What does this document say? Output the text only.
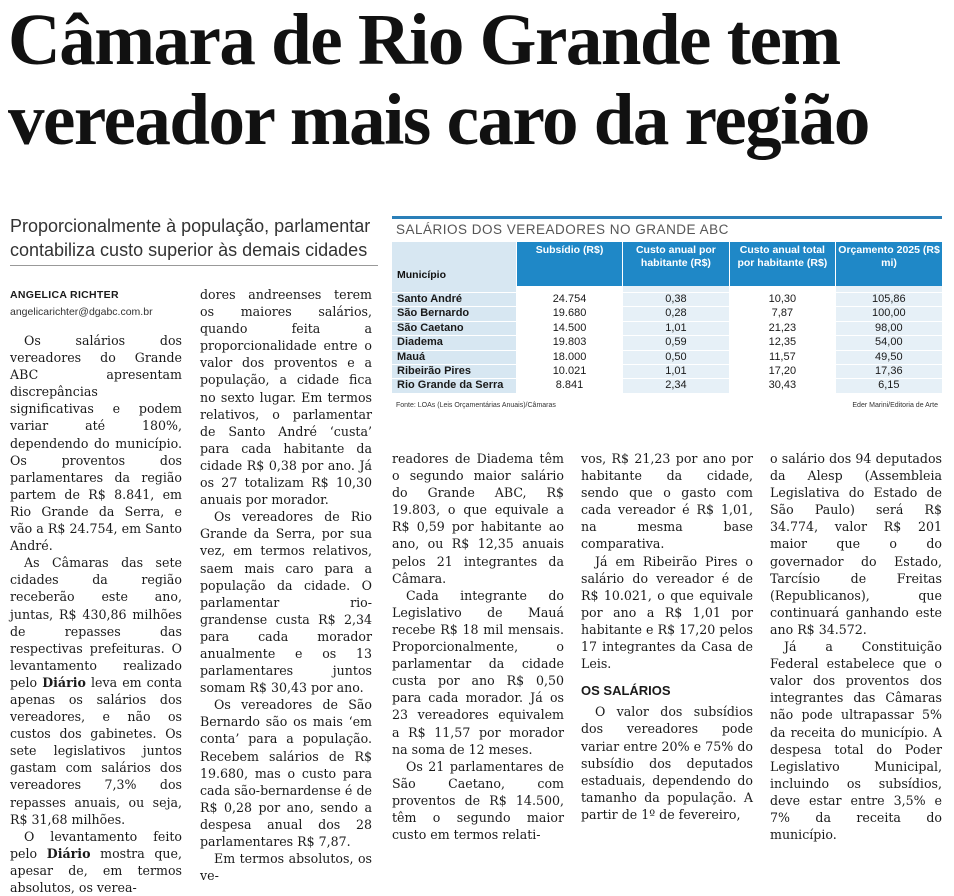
Câmara de Rio Grande tem
vereador mais caro da região

Proporcionalmente à população, parlamentar contabiliza custo superior às demais cidades

ANGELICA RICHTER
angelicarichter@dgabc.com.br

Os salários dos vereadores do Grande ABC apresentam discrepâncias significativas e podem variar até 180%, dependendo do município. Os proventos dos parlamentares da região partem de R$ 8.841, em Rio Grande da Serra, e vão a R$ 24.754, em Santo André.

As Câmaras das sete cidades da região receberão este ano, juntas, R$ 430,86 milhões de repasses das respectivas prefeituras. O levantamento realizado pelo Diário leva em conta apenas os salários dos vereadores, e não os custos dos gabinetes. Os sete legislativos juntos gastam com salários dos vereadores 7,3% dos repasses anuais, ou seja, R$ 31,68 milhões.

O levantamento feito pelo Diário mostra que, apesar de, em termos absolutos, os verea-

dores andreenses terem os maiores salários, quando feita a proporcionalidade entre o valor dos proventos e a população, a cidade fica no sexto lugar. Em termos relativos, o parlamentar de Santo André ‘custa’ para cada habitante da cidade R$ 0,38 por ano. Já os 27 totalizam R$ 10,30 anuais por morador.

Os vereadores de Rio Grande da Serra, por sua vez, em termos relativos, saem mais caro para a população da cidade. O parlamentar rio-grandense custa R$ 2,34 para cada morador anualmente e os 13 parlamentares juntos somam R$ 30,43 por ano.

Os vereadores de São Bernardo são os mais ‘em conta’ para a população. Recebem salários de R$ 19.680, mas o custo para cada são-bernardense é de R$ 0,28 por ano, sendo a despesa anual dos 28 parlamentares R$ 7,87.

Em termos absolutos, os ve-

SALÁRIOS DOS VEREADORES NO GRANDE ABC
Município	Subsídio (R$)	Custo anual por habitante (R$)	Custo anual total por habitante (R$)	Orçamento 2025 (R$ mi)

Santo André	24.754	0,38	10,30	105,86
São Bernardo	19.680	0,28	7,87	100,00
São Caetano	14.500	1,01	21,23	98,00
Diadema	19.803	0,59	12,35	54,00
Mauá	18.000	0,50	11,57	49,50
Ribeirão Pires	10.021	1,01	17,20	17,36
Rio Grande da Serra	8.841	2,34	30,43	6,15
Fonte: LOAs (Leis Orçamentárias Anuais)/Câmaras	Eder Marini/Editoria de Arte

readores de Diadema têm o segundo maior salário do Grande ABC, R$ 19.803, o que equivale a R$ 0,59 por habitante ao ano, ou R$ 12,35 anuais pelos 21 integrantes da Câmara.

Cada integrante do Legislativo de Mauá recebe R$ 18 mil mensais. Proporcionalmente, o parlamentar da cidade custa por ano R$ 0,50 para cada morador. Já os 23 vereadores equivalem a R$ 11,57 por morador na soma de 12 meses.

Os 21 parlamentares de São Caetano, com proventos de R$ 14.500, têm o segundo maior custo em termos relati-

vos, R$ 21,23 por ano por habitante da cidade, sendo que o gasto com cada vereador é R$ 1,01, na mesma base comparativa.

Já em Ribeirão Pires o salário do vereador é de R$ 10.021, o que equivale por ano a R$ 1,01 por habitante e R$ 17,20 pelos 17 integrantes da Casa de Leis.

OS SALÁRIOS

O valor dos subsídios dos vereadores pode variar entre 20% e 75% do subsídio dos deputados estaduais, dependendo do tamanho da população. A partir de 1º de fevereiro,

o salário dos 94 deputados da Alesp (Assembleia Legislativa do Estado de São Paulo) será R$ 34.774, valor R$ 201 maior que o do governador do Estado, Tarcísio de Freitas (Republicanos), que continuará ganhando este ano R$ 34.572.

Já a Constituição Federal estabelece que o valor dos proventos dos integrantes das Câmaras não pode ultrapassar 5% da receita do município. A despesa total do Poder Legislativo Municipal, incluindo os subsídios, deve estar entre 3,5% e 7% da receita do município.
